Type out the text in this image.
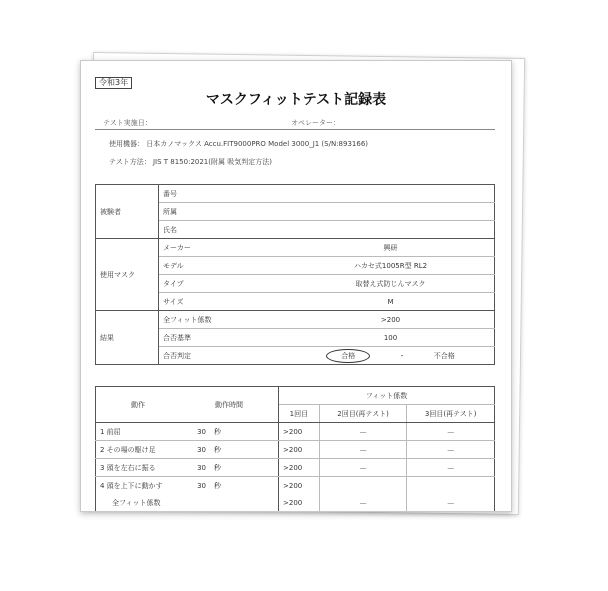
令和3年
マスクフィットテスト記録表
テスト実施日：	オペレーター：
使用機器： 日本カノマックス Accu.FIT9000PRO Model 3000_J1 (S/N:893166)
テスト方法： JIS T 8150:2021(附属 吸気判定方法)
被験者	番号	
	所属	
	氏名	
使用マスク	メーカー	興研
	モデル	ハカセ式1005R型 RL2
	タイプ	取替え式防じんマスク
	サイズ	M
結果	全フィット係数	>200
	合否基準	100
	合否判定	合格 ・ 不合格
動作	動作時間		フィット係数		
			1回目	2回目(再テスト)	3回目(再テスト)
1 前屈	30	秒	>200	—	—
2 その場の駆け足	30	秒	>200	—	—
3 頭を左右に振る	30	秒	>200	—	—
4 頭を上下に動かす	30	秒	>200		
全フィット係数			>200	—	—
